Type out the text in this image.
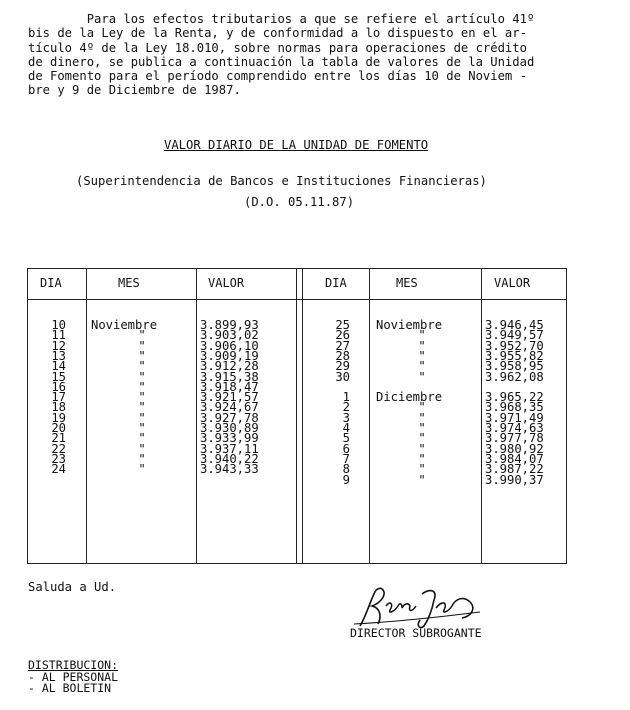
Para los efectos tributarios a que se refiere el artículo 41º
bis de la Ley de la Renta, y de conformidad a lo dispuesto en el ar-
tículo 4º de la Ley 18.010, sobre normas para operaciones de crédito
de dinero, se publica a continuación la tabla de valores de la Unidad
de Fomento para el período comprendido entre los días 10 de Noviem -
bre y 9 de Diciembre de 1987.
VALOR DIARIO DE LA UNIDAD DE FOMENTO
(Superintendencia de Bancos e Instituciones Financieras)
(D.O. 05.11.87)
DIA	MES	VALOR	DIA	MES	VALOR
10 Noviembre	3.899,93
11	"	3.903,02
12	"	3.906,10
13	"	3.909,19
14	"	3.912,28
15	"	3.915,38
16	"	3.918,47
17	"	3.921,57
18	"	3.924,67
19	"	3.927,78
20	"	3.930,89
21	"	3.933,99
22	"	3.937,11
23	"	3.940,22
24	"	3.943,33
25 Noviembre	3.946,45
26	"	3.949,57
27	"	3.952,70
28	"	3.955,82
29	"	3.958,95
30	"	3.962,08
1 Diciembre	3.965,22
2	"	3.968,35
3	"	3.971,49
4	"	3.974,63
5	"	3.977,78
6	"	3.980,92
7	"	3.984,07
8	"	3.987,22
9	"	3.990,37
Saluda a Ud.
DIRECTOR SUBROGANTE
DISTRIBUCION:
- AL PERSONAL
- AL BOLETIN
